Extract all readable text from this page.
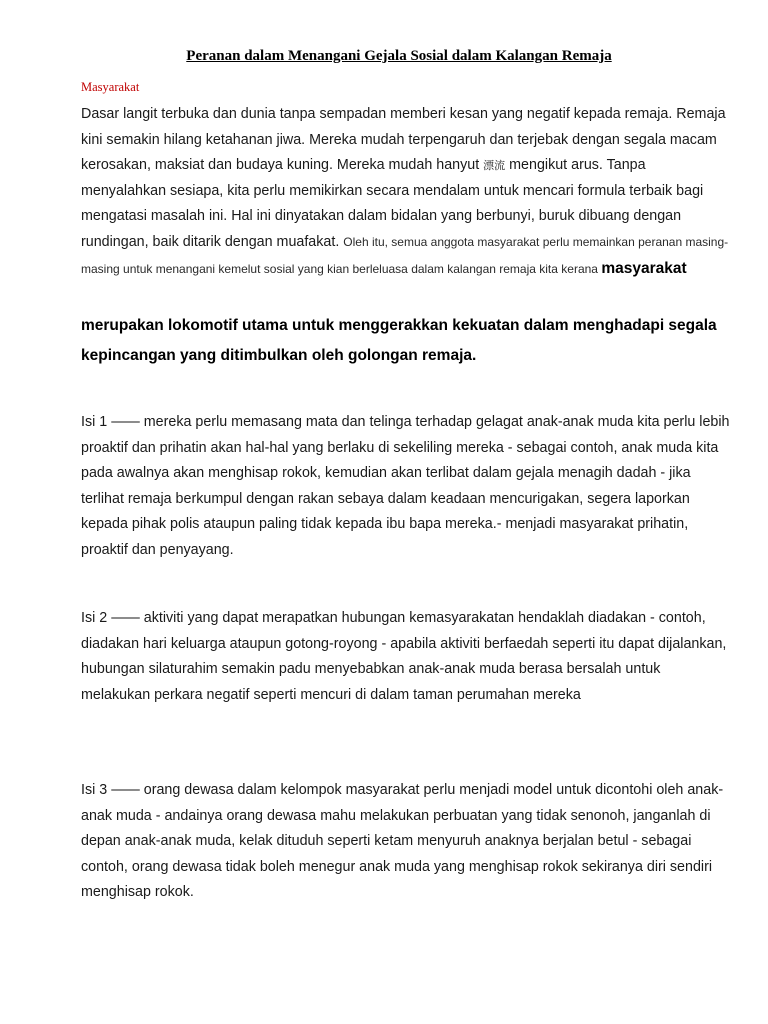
Peranan dalam Menangani Gejala Sosial dalam Kalangan Remaja
Masyarakat

Dasar langit terbuka dan dunia tanpa sempadan memberi kesan yang negatif kepada remaja. Remaja kini semakin hilang ketahanan jiwa. Mereka mudah terpengaruh dan terjebak dengan segala macam kerosakan, maksiat dan budaya kuning. Mereka mudah hanyut 漂流 mengikut arus. Tanpa menyalahkan sesiapa, kita perlu memikirkan secara mendalam untuk mencari formula terbaik bagi mengatasi masalah ini. Hal ini dinyatakan dalam bidalan yang berbunyi, buruk dibuang dengan rundingan, baik ditarik dengan muafakat. Oleh itu, semua anggota masyarakat perlu memainkan peranan masing-masing untuk menangani kemelut sosial yang kian berleluasa dalam kalangan remaja kita kerana masyarakat

merupakan lokomotif utama untuk menggerakkan kekuatan dalam menghadapi segala kepincangan yang ditimbulkan oleh golongan remaja.

Isi 1 —— mereka perlu memasang mata dan telinga terhadap gelagat anak-anak muda kita perlu lebih proaktif dan prihatin akan hal-hal yang berlaku di sekeliling mereka - sebagai contoh, anak muda kita pada awalnya akan menghisap rokok, kemudian akan terlibat dalam gejala menagih dadah - jika terlihat remaja berkumpul dengan rakan sebaya dalam keadaan mencurigakan, segera laporkan kepada pihak polis ataupun paling tidak kepada ibu bapa mereka.- menjadi masyarakat prihatin, proaktif dan penyayang.

Isi 2 —— aktiviti yang dapat merapatkan hubungan kemasyarakatan hendaklah diadakan - contoh, diadakan hari keluarga ataupun gotong-royong - apabila aktiviti berfaedah seperti itu dapat dijalankan, hubungan silaturahim semakin padu menyebabkan anak-anak muda berasa bersalah untuk melakukan perkara negatif seperti mencuri di dalam taman perumahan mereka

Isi 3 —— orang dewasa dalam kelompok masyarakat perlu menjadi model untuk dicontohi oleh anak-anak muda - andainya orang dewasa mahu melakukan perbuatan yang tidak senonoh, janganlah di depan anak-anak muda, kelak dituduh seperti ketam menyuruh anaknya berjalan betul - sebagai contoh, orang dewasa tidak boleh menegur anak muda yang menghisap rokok sekiranya diri sendiri menghisap rokok.
